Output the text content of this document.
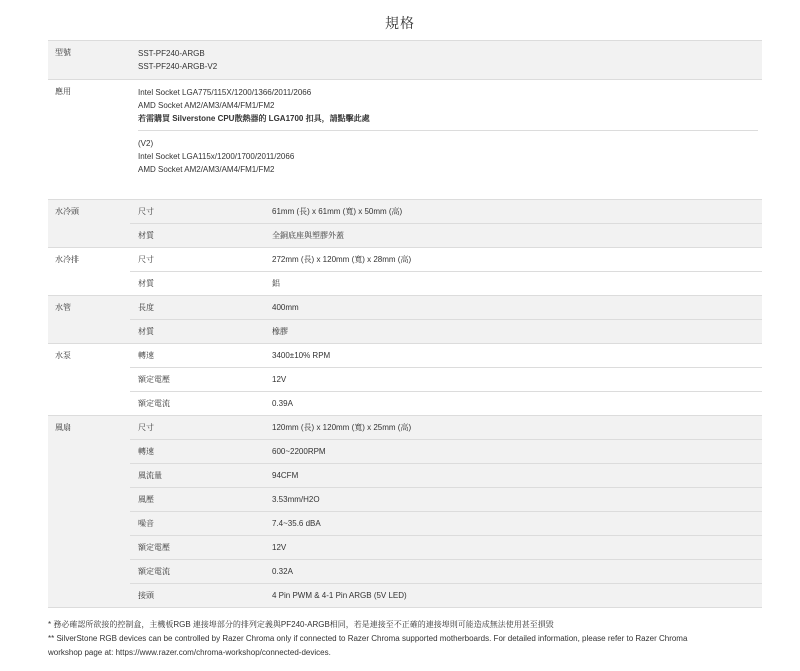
規格
型號	SST-PF240-ARGB
SST-PF240-ARGB-V2
應用	Intel Socket LGA775/115X/1200/1366/2011/2066
AMD Socket AM2/AM3/AM4/FM1/FM2
若需購買 Silverstone CPU散熱器的 LGA1700 扣具，請點擊此處
(V2)
Intel Socket LGA115x/1200/1700/2011/2066
AMD Socket AM2/AM3/AM4/FM1/FM2
水冷頭	尺寸	61mm (長) x 61mm (寬) x 50mm (高)
材質	全銅底座與塑膠外蓋
水冷排	尺寸	272mm (長) x 120mm (寬) x 28mm (高)
材質	鋁
水管	長度	400mm
材質	橡膠
水泵	轉速	3400±10% RPM
額定電壓	12V
額定電流	0.39A
風扇	尺寸	120mm (長) x 120mm (寬) x 25mm (高)
轉速	600~2200RPM
風流量	94CFM
風壓	3.53mm/H2O
噪音	7.4~35.6 dBA
額定電壓	12V
額定電流	0.32A
接頭	4 Pin PWM & 4-1 Pin ARGB (5V LED)
* 務必確認所欲接的控制盒，主機板RGB 連接埠部分的排列定義與PF240-ARGB相同，若是連接至不正確的連接埠則可能造成無法使用甚至損毀
** SilverStone RGB devices can be controlled by Razer Chroma only if connected to Razer Chroma supported motherboards. For detailed information, please refer to Razer Chroma
workshop page at: https://www.razer.com/chroma-workshop/connected-devices.
